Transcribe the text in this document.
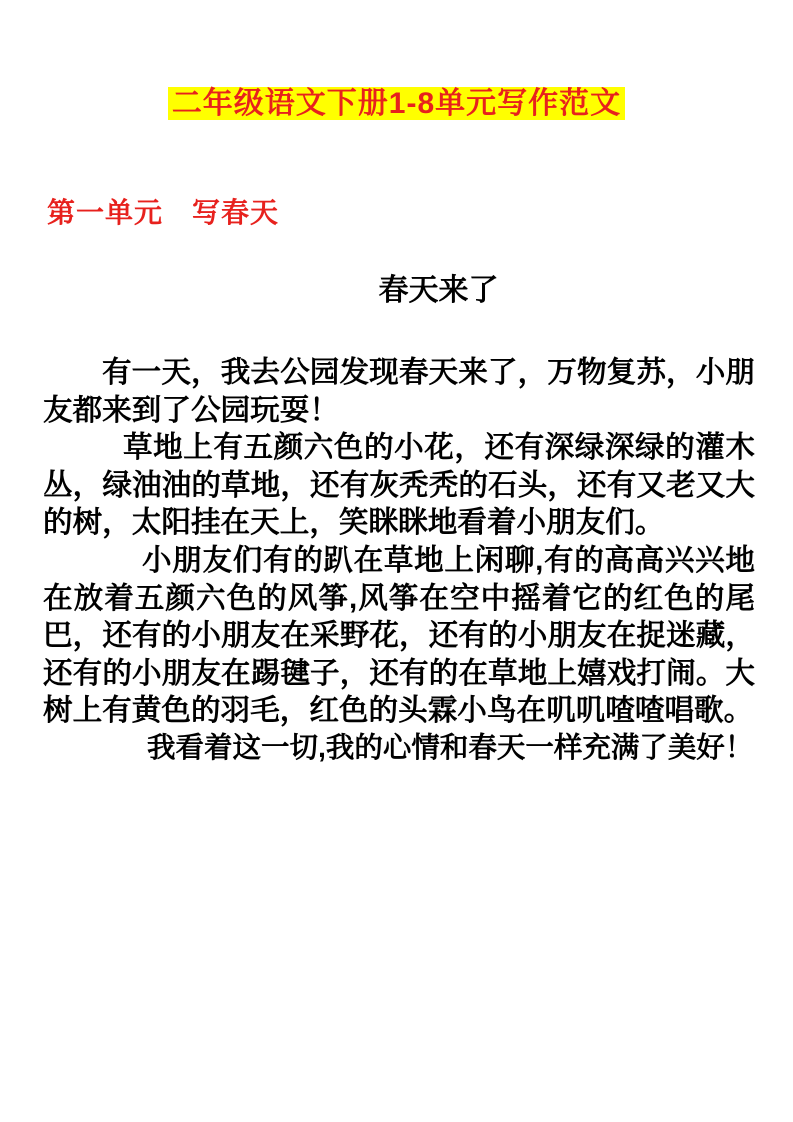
二年级语文下册1-8单元写作范文
第一单元　写春天
春天来了

有一天，我去公园发现春天来了，万物复苏，小朋友都来到了公园玩耍！

草地上有五颜六色的小花，还有深绿深绿的灌木丛，绿油油的草地，还有灰秃秃的石头，还有又老又大的树，太阳挂在天上，笑眯眯地看着小朋友们。

小朋友们有的趴在草地上闲聊,有的高高兴兴地在放着五颜六色的风筝,风筝在空中摇着它的红色的尾巴，还有的小朋友在采野花，还有的小朋友在捉迷藏，还有的小朋友在踢毽子，还有的在草地上嬉戏打闹。大树上有黄色的羽毛，红色的头霖小鸟在叽叽喳喳唱歌。

我看着这一切,我的心情和春天一样充满了美好！
